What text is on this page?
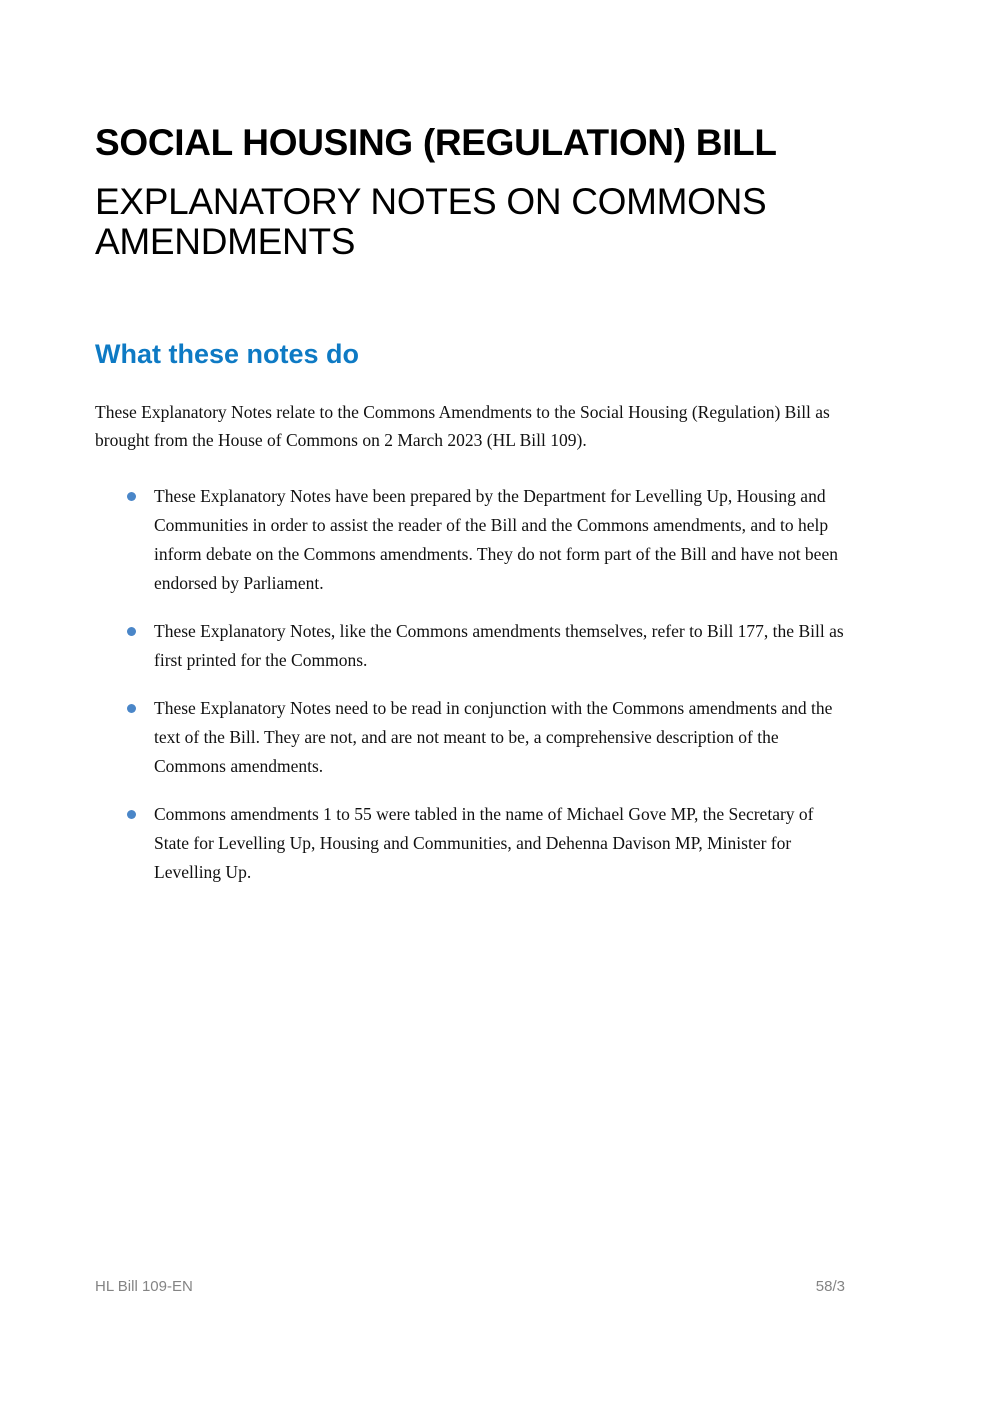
SOCIAL HOUSING (REGULATION) BILL
EXPLANATORY NOTES ON COMMONS AMENDMENTS
What these notes do

These Explanatory Notes relate to the Commons Amendments to the Social Housing (Regulation) Bill as brought from the House of Commons on 2 March 2023 (HL Bill 109).

These Explanatory Notes have been prepared by the Department for Levelling Up, Housing and Communities in order to assist the reader of the Bill and the Commons amendments, and to help inform debate on the Commons amendments. They do not form part of the Bill and have not been endorsed by Parliament.
These Explanatory Notes, like the Commons amendments themselves, refer to Bill 177, the Bill as first printed for the Commons.
These Explanatory Notes need to be read in conjunction with the Commons amendments and the text of the Bill. They are not, and are not meant to be, a comprehensive description of the Commons amendments.
Commons amendments 1 to 55 were tabled in the name of Michael Gove MP, the Secretary of State for Levelling Up, Housing and Communities, and Dehenna Davison MP, Minister for Levelling Up.
HL Bill 109-EN	58/3
